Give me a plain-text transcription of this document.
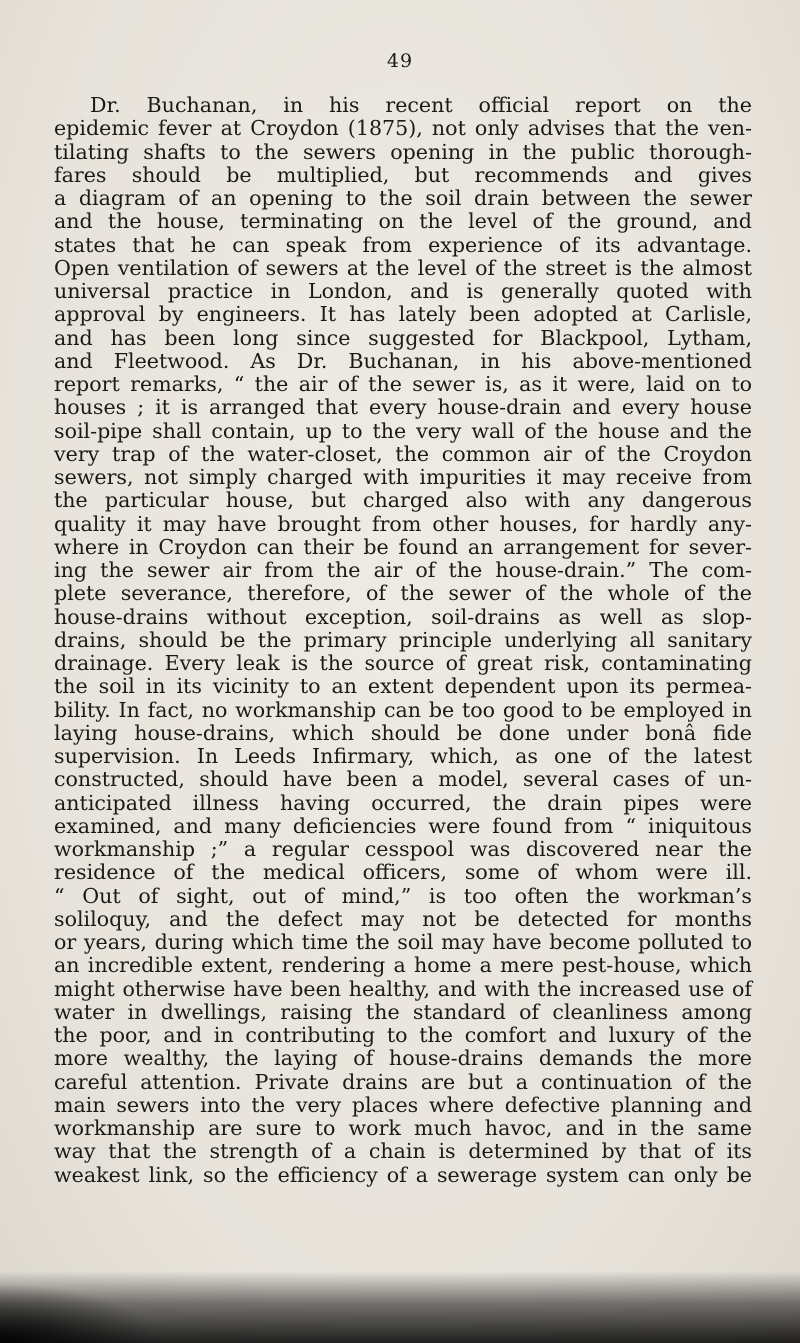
49
Dr. Buchanan, in his recent official report on the
epidemic fever at Croydon (1875), not only advises that the ven-
tilating shafts to the sewers opening in the public thorough-
fares should be multiplied, but recommends and gives
a diagram of an opening to the soil drain between the sewer
and the house, terminating on the level of the ground, and
states that he can speak from experience of its advantage.
Open ventilation of sewers at the level of the street is the almost
universal practice in London, and is generally quoted with
approval by engineers. It has lately been adopted at Carlisle,
and has been long since suggested for Blackpool, Lytham,
and Fleetwood. As Dr. Buchanan, in his above-mentioned
report remarks, “ the air of the sewer is, as it were, laid on to
houses ; it is arranged that every house-drain and every house
soil-pipe shall contain, up to the very wall of the house and the
very trap of the water-closet, the common air of the Croydon
sewers, not simply charged with impurities it may receive from
the particular house, but charged also with any dangerous
quality it may have brought from other houses, for hardly any-
where in Croydon can their be found an arrangement for sever-
ing the sewer air from the air of the house-drain.” The com-
plete severance, therefore, of the sewer of the whole of the
house-drains without exception, soil-drains as well as slop-
drains, should be the primary principle underlying all sanitary
drainage. Every leak is the source of great risk, contaminating
the soil in its vicinity to an extent dependent upon its permea-
bility. In fact, no workmanship can be too good to be employed in
laying house-drains, which should be done under bonâ fide
supervision. In Leeds Infirmary, which, as one of the latest
constructed, should have been a model, several cases of un-
anticipated illness having occurred, the drain pipes were
examined, and many deficiencies were found from “ iniquitous
workmanship ;” a regular cesspool was discovered near the
residence of the medical officers, some of whom were ill.
“ Out of sight, out of mind,” is too often the workman’s
soliloquy, and the defect may not be detected for months
or years, during which time the soil may have become polluted to
an incredible extent, rendering a home a mere pest-house, which
might otherwise have been healthy, and with the increased use of
water in dwellings, raising the standard of cleanliness among
the poor, and in contributing to the comfort and luxury of the
more wealthy, the laying of house-drains demands the more
careful attention. Private drains are but a continuation of the
main sewers into the very places where defective planning and
workmanship are sure to work much havoc, and in the same
way that the strength of a chain is determined by that of its
weakest link, so the efficiency of a sewerage system can only be
